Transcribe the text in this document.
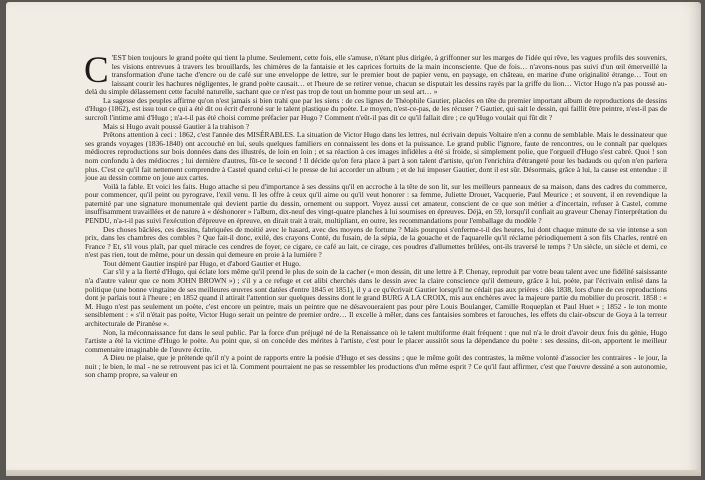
C 'EST bien toujours le grand poète qui tient la plume. Seulement, cette fois, elle s'amuse, n'étant plus dirigée, à griffonner sur les marges de l'idée qui rêve, les vagues profils des souvenirs, les visions entrevues à travers les brouillards, les chimères de la fantaisie et les caprices fortuits de la main inconsciente. Que de fois… n'avons-nous pas suivi d'un œil émerveillé la transformation d'une tache d'encre ou de café sur une enveloppe de lettre, sur le premier bout de papier venu, en paysage, en château, en marine d'une originalité étrange… Tout en laissant courir les hachures négligentes, le grand poète causait… et l'heure de se retirer venue, chacun se disputait les dessins rayés par la griffe du lion… Victor Hugo n'a pas poussé au-delà du simple délassement cette faculté naturelle, sachant que ce n'est pas trop de tout un homme pour un seul art… »

La sagesse des peuples affirme qu'on n'est jamais si bien trahi que par les siens : de ces lignes de Théophile Gautier, placées en tête du premier important album de reproductions de dessins d'Hugo (1862), est issu tout ce qui a été dit ou écrit d'erroné sur le talent plastique du poète. Le moyen, n'est-ce-pas, de les récuser ? Gautier, qui sait le dessin, qui faillit être peintre, n'est-il pas de surcroît l'intime ami d'Hugo ; n'a-t-il pas été choisi comme préfacier par Hugo ? Comment n'eût-il pas dit ce qu'il fallait dire ; ce qu'Hugo voulait qui fût dit ?

Mais si Hugo avait poussé Gautier à la trahison ?

Prêtons attention à ceci : 1862, c'est l'année des MISÉRABLES. La situation de Victor Hugo dans les lettres, nul écrivain depuis Voltaire n'en a connu de semblable. Mais le dessinateur que ses grands voyages (1836-1840) ont accouché en lui, seuls quelques familiers en connaissent les dons et la puissance. Le grand public l'ignore, faute de rencontres, ou le connaît par quelques médiocres reproductions sur bois données dans des illustrés, de loin en loin ; et sa réaction à ces images infidèles a été si froide, si simplement polie, que l'orgueil d'Hugo s'est cabré. Quoi ! son nom confondu à des médiocres ; lui dernière d'autres, fût-ce le second ! Il décide qu'on fera place à part à son talent d'artiste, qu'on l'enrichira d'étrangeté pour les badauds ou qu'on n'en parlera plus. C'est ce qu'il fait nettement comprendre à Castel quand celui-ci le presse de lui accorder un album ; et de lui imposer Gautier, dont il est sûr. Désormais, grâce à lui, la cause est entendue : il joue au dessin comme on joue aux cartes.

Voilà la fable. Et voici les faits. Hugo attache si peu d'importance à ses dessins qu'il en accroche à la tête de son lit, sur les meilleurs panneaux de sa maison, dans des cadres du commerce, pour commencer, qu'il peint ou pyrograve, l'exil venu. Il les offre à ceux qu'il aime ou qu'il veut honorer : sa femme, Juliette Drouet, Vacquerie, Paul Meurice ; et souvent, il en revendique la paternité par une signature monumentale qui devient partie du dessin, ornement ou support. Voyez aussi cet amateur, conscient de ce que son métier a d'incertain, refuser à Castel, comme insuffisamment travaillées et de nature à « déshonorer » l'album, dix-neuf des vingt-quatre planches à lui soumises en épreuves. Déjà, en 59, lorsqu'il confiait au graveur Chenay l'interprétation du PENDU, n'a-t-il pas suivi l'exécution d'épreuve en épreuve, en dirait trait à trait, multipliant, en outre, les recommandations pour l'emballage du modèle ?

Des choses bâclées, ces dessins, fabriquées de moitié avec le hasard, avec des moyens de fortune ? Mais pourquoi s'enferme-t-il des heures, lui dont chaque minute de sa vie intense a son prix, dans les chambres des combles ? Que fait-il donc, exilé, des crayons Conté, du fusain, de la sépia, de la gouache et de l'aquarelle qu'il réclame périodiquement à son fils Charles, rentré en France ? Et, s'il vous plaît, par quel miracle ces cendres de foyer, ce cigare, ce café au lait, ce cirage, ces poudres d'allumettes brûlées, ont-ils traversé le temps ? Un siècle, un siècle et demi, ce n'est pas rien, tout de même, pour un dessin qui demeure en proie à la lumière ?

Tout dément Gautier inspiré par Hugo, et d'abord Gautier et Hugo.

Car s'il y a la fierté d'Hugo, qui éclate lors même qu'il prend le plus de soin de la cacher (« mon dessin, dit une lettre à P. Chenay, reproduit par votre beau talent avec une fidélité saisissante n'a d'autre valeur que ce nom JOHN BROWN ») ; s'il y a ce refuge et cet alibi cherchés dans le dessin avec la claire conscience qu'il demeure, grâce à lui, poète, par l'écrivain enlisé dans la politique (une bonne vingtaine de ses meilleures œuvres sont datées d'entre 1845 et 1851), il y a ce qu'écrivait Gautier lorsqu'il ne cédait pas aux prières : dès 1838, lors d'une de ces reproductions dont je parlais tout à l'heure ; en 1852 quand il attirait l'attention sur quelques dessins dont le grand BURG A LA CROIX, mis aux enchères avec la majeure partie du mobilier du proscrit. 1858 : « M. Hugo n'est pas seulement un poète, c'est encore un peintre, mais un peintre que ne désavoueraient pas pour père Louis Boulanger, Camille Roqueplan et Paul Huet » ; 1852 - le ton monte sensiblement : « s'il n'était pas poète, Victor Hugo serait un peintre de premier ordre… Il excelle à mêler, dans ces fantaisies sombres et farouches, les effets du clair-obscur de Goya à la terreur architecturale de Piranèse ».

Non, la méconnaissance fut dans le seul public. Par la force d'un préjugé né de la Renaissance où le talent multiforme était fréquent : que nul n'a le droit d'avoir deux fois du génie, Hugo l'artiste a été la victime d'Hugo le poète. Au point que, si on concède des mérites à l'artiste, c'est pour le placer aussitôt sous la dépendance du poète : ses dessins, dit-on, apportent le meilleur commentaire imaginable de l'œuvre écrite.

A Dieu ne plaise, que je prétende qu'il n'y a point de rapports entre la poésie d'Hugo et ses dessins ; que le même goût des contrastes, la même volonté d'associer les contraires - le jour, la nuit ; le bien, le mal - ne se retrouvent pas ici et là. Comment pourraient ne pas se ressembler les productions d'un même esprit ? Ce qu'il faut affirmer, c'est que l'œuvre dessiné a son autonomie, son champ propre, sa valeur en
